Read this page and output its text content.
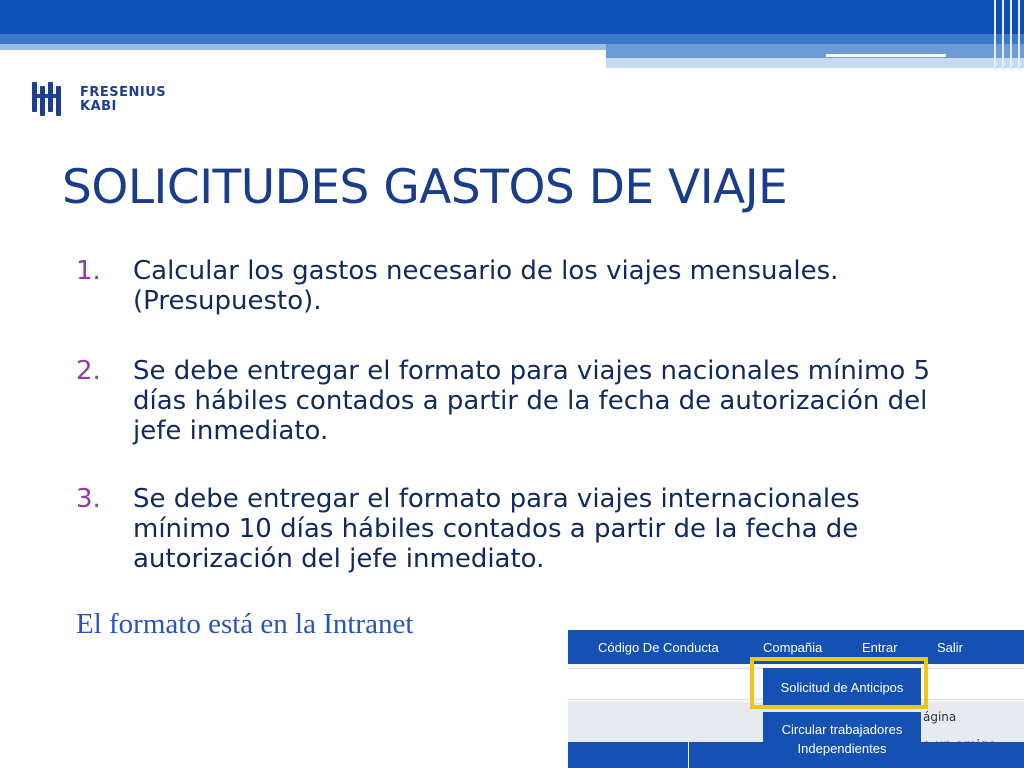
FRESENIUS
KABI
SOLICITUDES GASTOS DE VIAJE
1. Calcular los gastos necesario de los viajes mensuales. (Presupuesto).
2. Se debe entregar el formato para viajes nacionales mínimo 5 días hábiles contados a partir de la fecha de autorización del jefe inmediato.
3. Se debe entregar el formato para viajes internacionales mínimo 10 días hábiles contados a partir de la fecha de autorización del jefe inmediato.
El formato está en la Intranet
Código De Conducta	Compañia	Entrar	Salir
ágina
Solicitud de Anticipos
Circular trabajadores
Independientes
